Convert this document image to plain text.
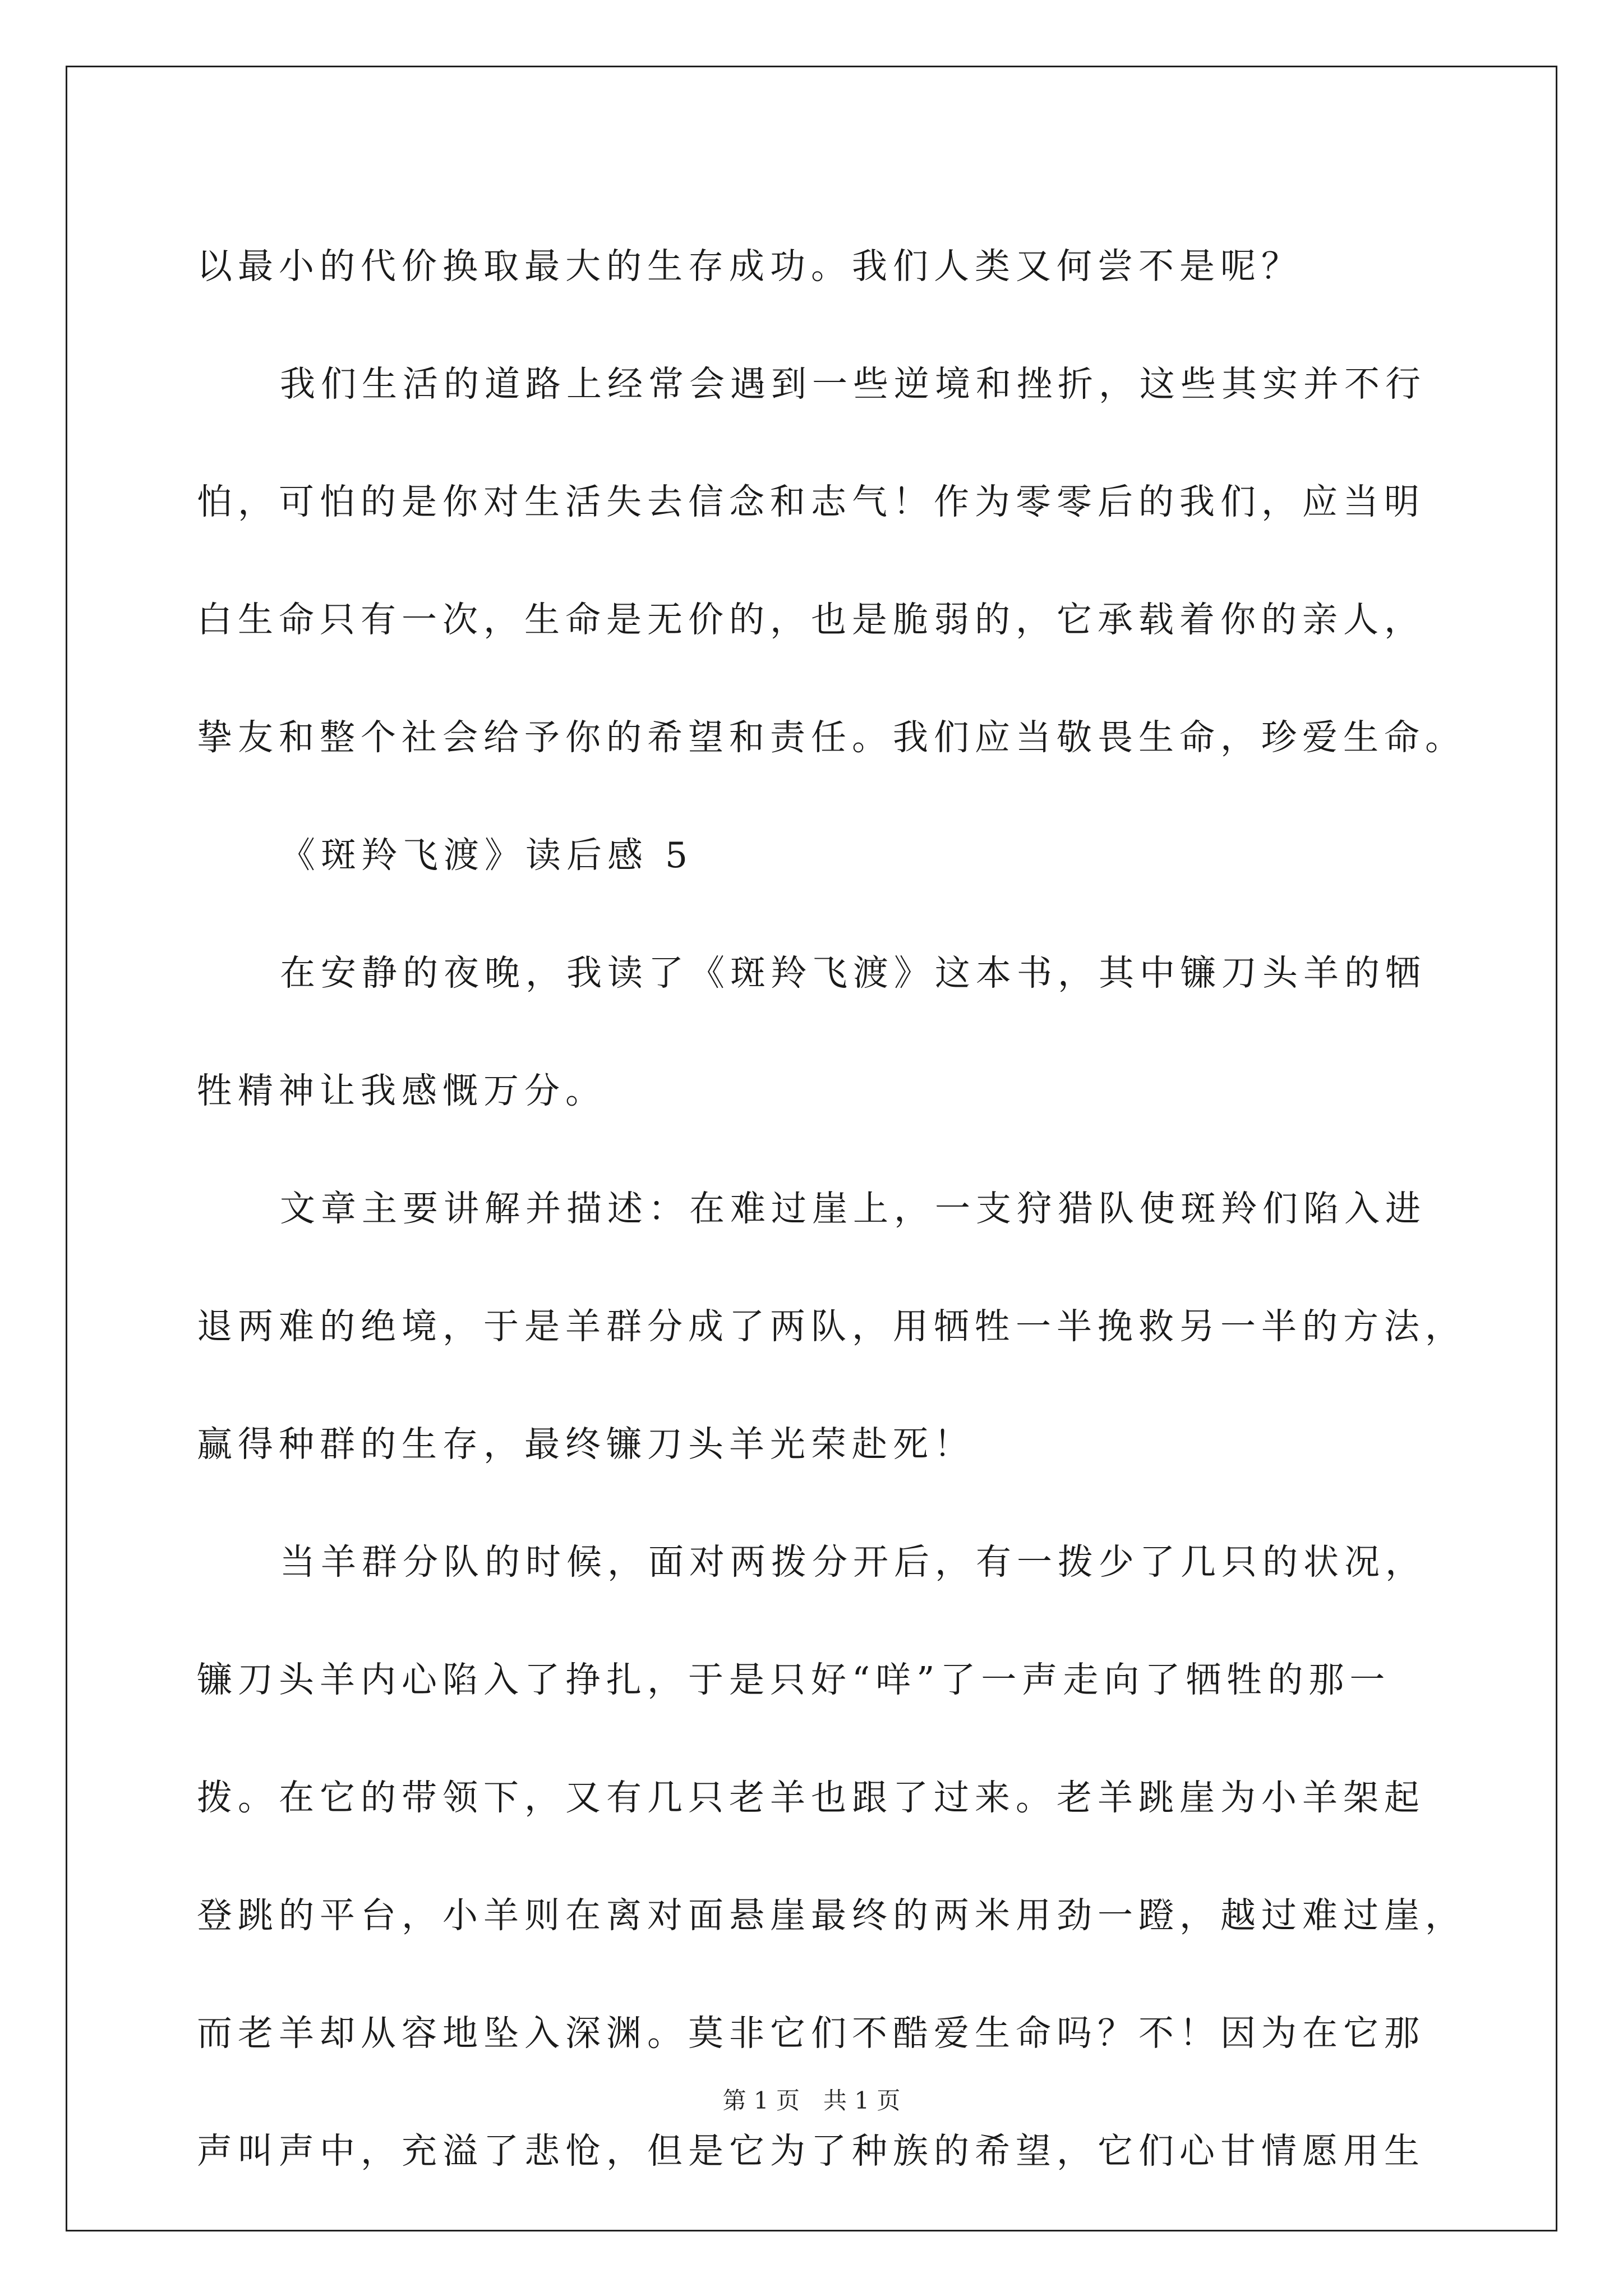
以最小的代价换取最大的生存成功。我们人类又何尝不是呢？
我们生活的道路上经常会遇到一些逆境和挫折，这些其实并不行
怕，可怕的是你对生活失去信念和志气！作为零零后的我们，应当明
白生命只有一次，生命是无价的，也是脆弱的，它承载着你的亲人，
挚友和整个社会给予你的希望和责任。我们应当敬畏生命，珍爱生命。
《斑羚飞渡》读后感 5
在安静的夜晚，我读了《斑羚飞渡》这本书，其中镰刀头羊的牺
牲精神让我感慨万分。
文章主要讲解并描述：在难过崖上，一支狩猎队使斑羚们陷入进
退两难的绝境，于是羊群分成了两队，用牺牲一半挽救另一半的方法，
赢得种群的生存，最终镰刀头羊光荣赴死！
当羊群分队的时候，面对两拨分开后，有一拨少了几只的状况，
镰刀头羊内心陷入了挣扎，于是只好“咩”了一声走向了牺牲的那一
拨。在它的带领下，又有几只老羊也跟了过来。老羊跳崖为小羊架起
登跳的平台，小羊则在离对面悬崖最终的两米用劲一蹬，越过难过崖，
而老羊却从容地坠入深渊。莫非它们不酷爱生命吗？不！因为在它那
声叫声中，充溢了悲怆，但是它为了种族的希望，它们心甘情愿用生
第 1 页　共 1 页
